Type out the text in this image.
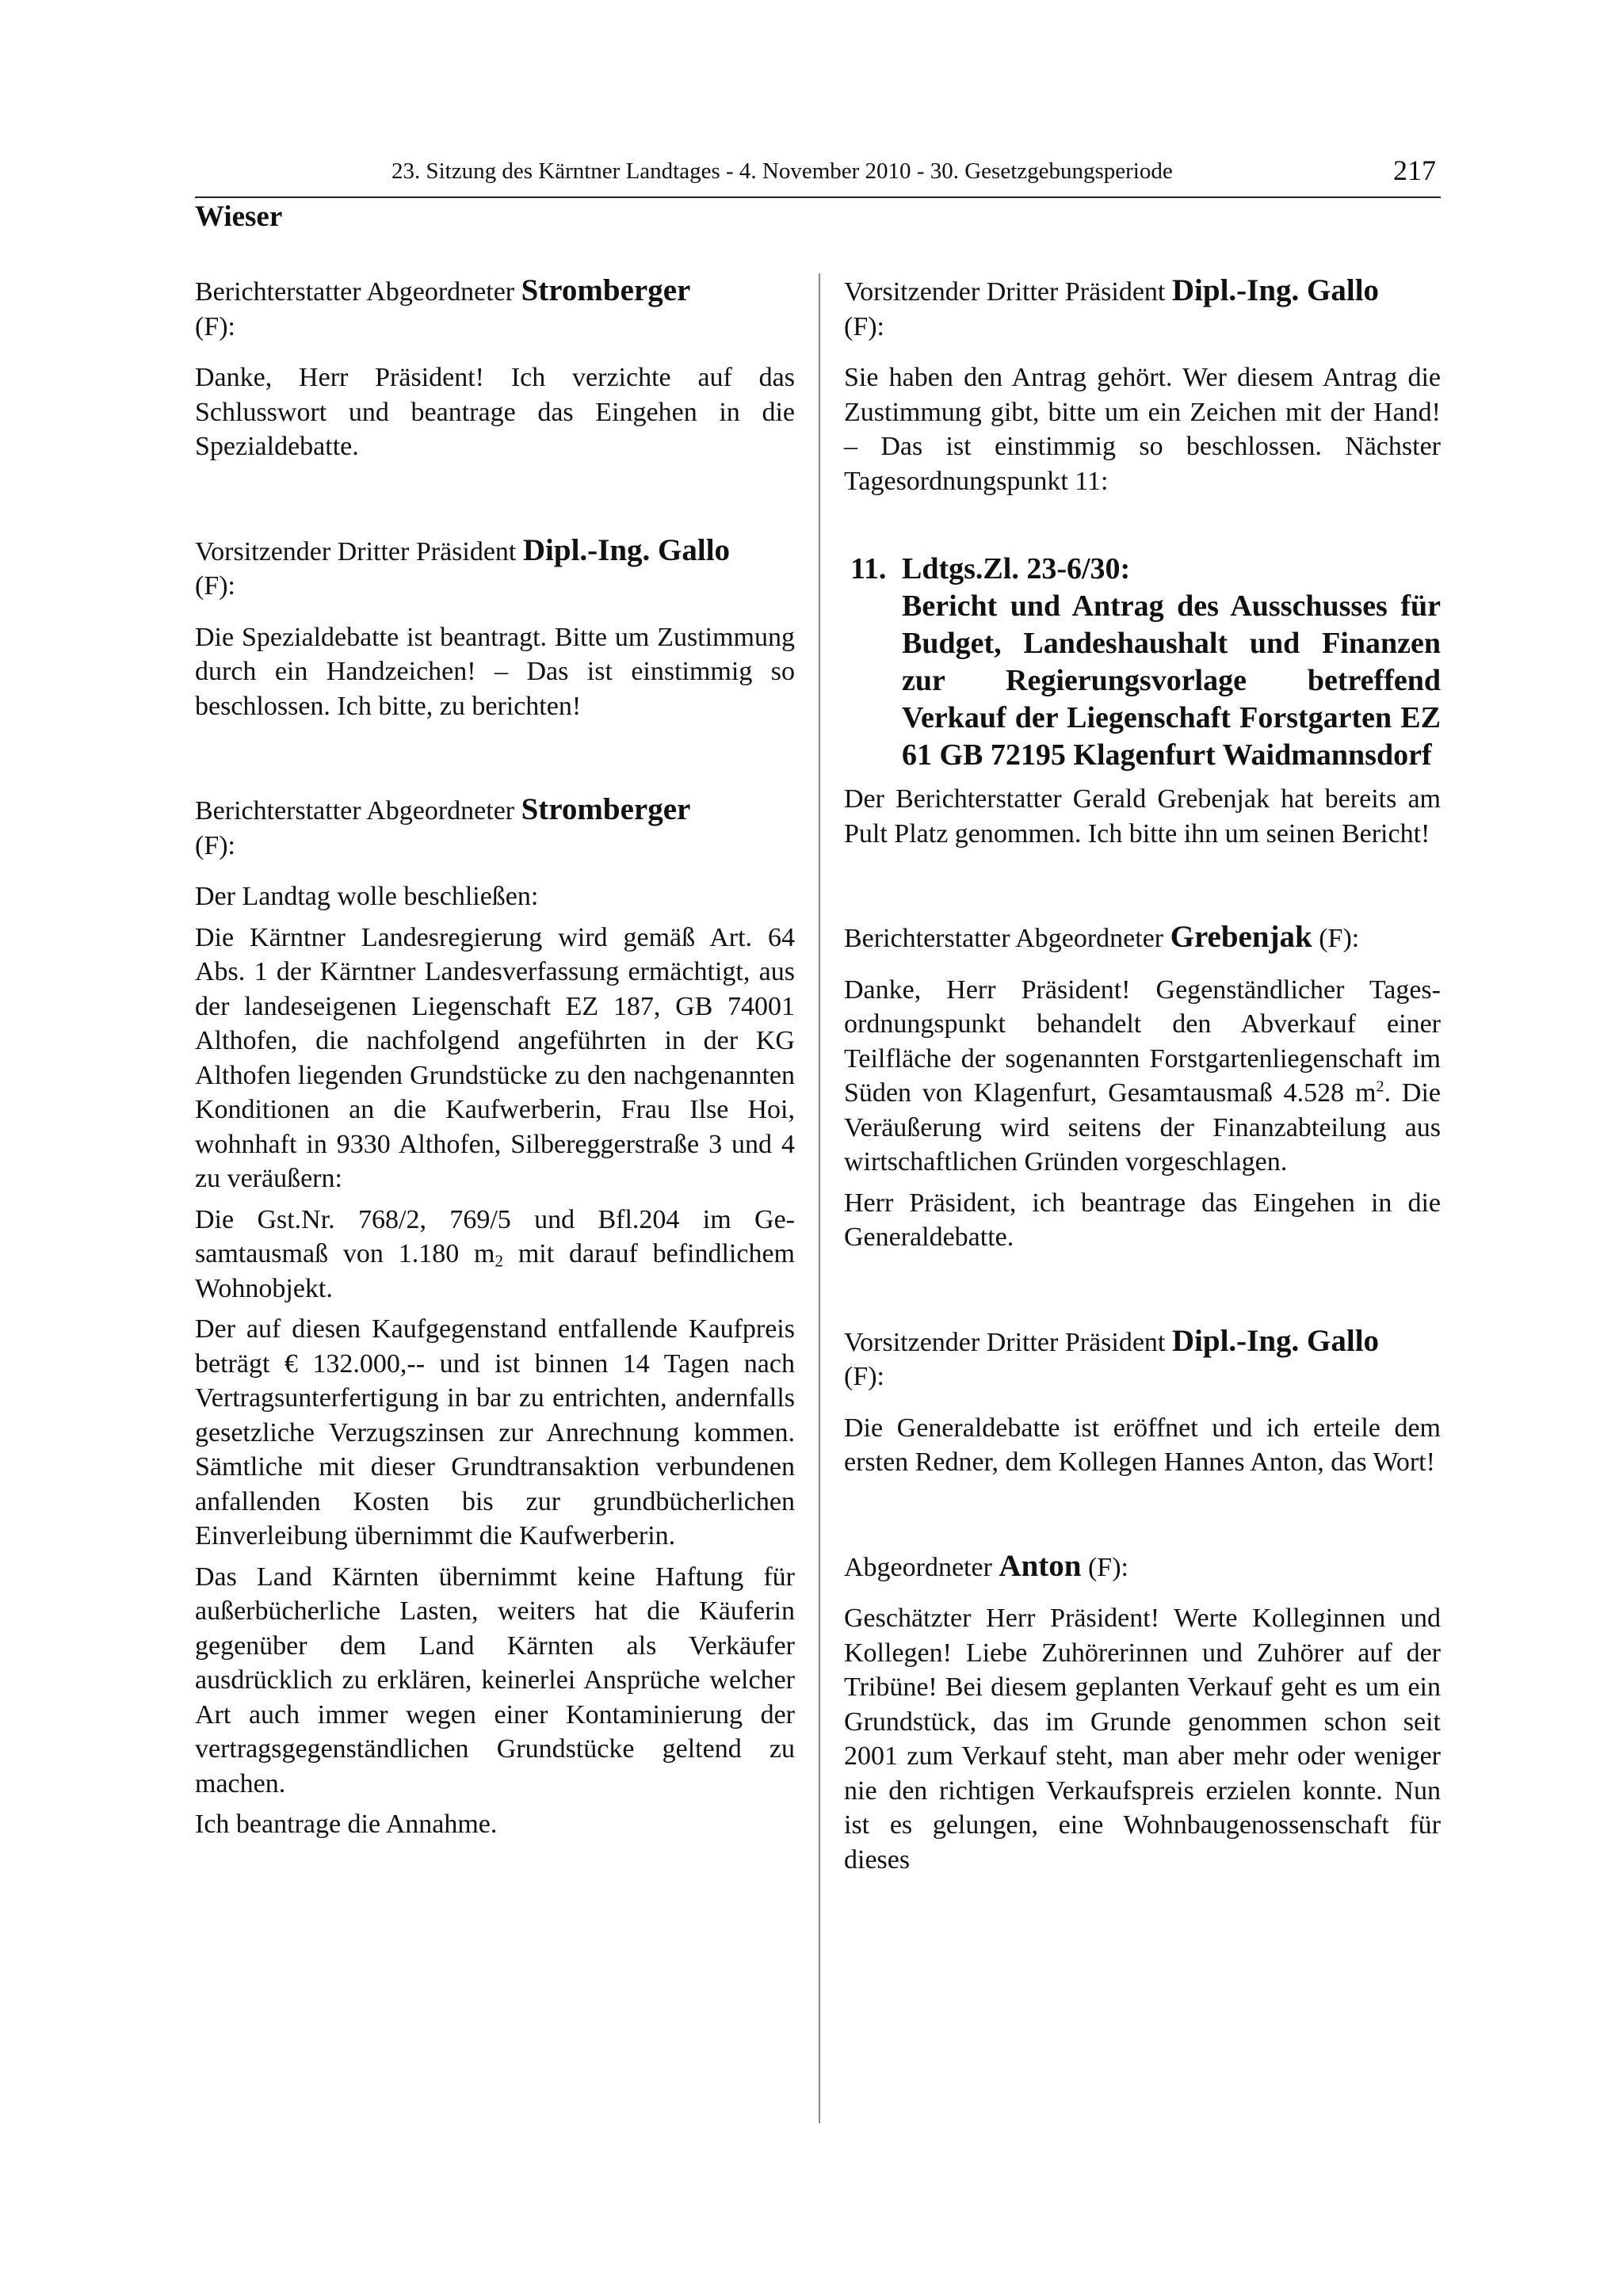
23. Sitzung des Kärntner Landtages - 4. November 2010 - 30. Gesetzgebungsperiode	217
Wieser

Berichterstatter Abgeordneter Stromberger
(F):

Danke, Herr Präsident! Ich verzichte auf das Schlusswort und beantrage das Eingehen in die Spezialdebatte.

Vorsitzender Dritter Präsident Dipl.-Ing. Gallo
(F):

Die Spezialdebatte ist beantragt. Bitte um Zustimmung durch ein Handzeichen! – Das ist einstimmig so beschlossen. Ich bitte, zu berichten!

Berichterstatter Abgeordneter Stromberger
(F):

Der Landtag wolle beschließen:

Die Kärntner Landesregierung wird gemäß Art. 64 Abs. 1 der Kärntner Landesverfassung ermächtigt, aus der landeseigenen Liegenschaft EZ 187, GB 74001 Althofen, die nachfolgend angeführten in der KG Althofen liegenden Grundstücke zu den nachgenannten Konditionen an die Kaufwerberin, Frau Ilse Hoi, wohnhaft in 9330 Althofen, Silbereggerstraße 3 und 4 zu veräußern:

Die Gst.Nr. 768/2, 769/5 und Bfl.204 im Gesamtausmaß von 1.180 m2 mit darauf befindlichem Wohnobjekt.

Der auf diesen Kaufgegenstand entfallende Kaufpreis beträgt € 132.000,-- und ist binnen 14 Tagen nach Vertragsunterfertigung in bar zu entrichten, andernfalls gesetzliche Verzugszinsen zur Anrechnung kommen. Sämtliche mit dieser Grundtransaktion verbundenen anfallenden Kosten bis zur grundbücherlichen Einverleibung übernimmt die Kaufwerberin.

Das Land Kärnten übernimmt keine Haftung für außerbücherliche Lasten, weiters hat die Käuferin gegenüber dem Land Kärnten als Verkäufer ausdrücklich zu erklären, keinerlei Ansprüche welcher Art auch immer wegen einer Kontaminierung der vertragsgegenständlichen Grundstücke geltend zu machen.

Ich beantrage die Annahme.

Vorsitzender Dritter Präsident Dipl.-Ing. Gallo
(F):

Sie haben den Antrag gehört. Wer diesem Antrag die Zustimmung gibt, bitte um ein Zeichen mit der Hand! – Das ist einstimmig so beschlossen. Nächster Tagesordnungspunkt 11:

11. Ldtgs.Zl. 23-6/30:
Bericht und Antrag des Ausschusses für Budget, Landeshaushalt und Finanzen zur Regierungsvorlage betreffend Verkauf der Liegenschaft Forstgarten EZ 61 GB 72195 Klagenfurt Waidmannsdorf

Der Berichterstatter Gerald Grebenjak hat bereits am Pult Platz genommen. Ich bitte ihn um seinen Bericht!

Berichterstatter Abgeordneter Grebenjak (F):

Danke, Herr Präsident! Gegenständlicher Tagesordnungspunkt behandelt den Abverkauf einer Teilfläche der sogenannten Forstgartenliegenschaft im Süden von Klagenfurt, Gesamtausmaß 4.528 $m^2$. Die Veräußerung wird seitens der Finanzabteilung aus wirtschaftlichen Gründen vorgeschlagen.

Herr Präsident, ich beantrage das Eingehen in die Generaldebatte.

Vorsitzender Dritter Präsident Dipl.-Ing. Gallo
(F):

Die Generaldebatte ist eröffnet und ich erteile dem ersten Redner, dem Kollegen Hannes Anton, das Wort!

Abgeordneter Anton (F):

Geschätzter Herr Präsident! Werte Kolleginnen und Kollegen! Liebe Zuhörerinnen und Zuhörer auf der Tribüne! Bei diesem geplanten Verkauf geht es um ein Grundstück, das im Grunde genommen schon seit 2001 zum Verkauf steht, man aber mehr oder weniger nie den richtigen Verkaufspreis erzielen konnte. Nun ist es gelungen, eine Wohnbaugenossenschaft für dieses
